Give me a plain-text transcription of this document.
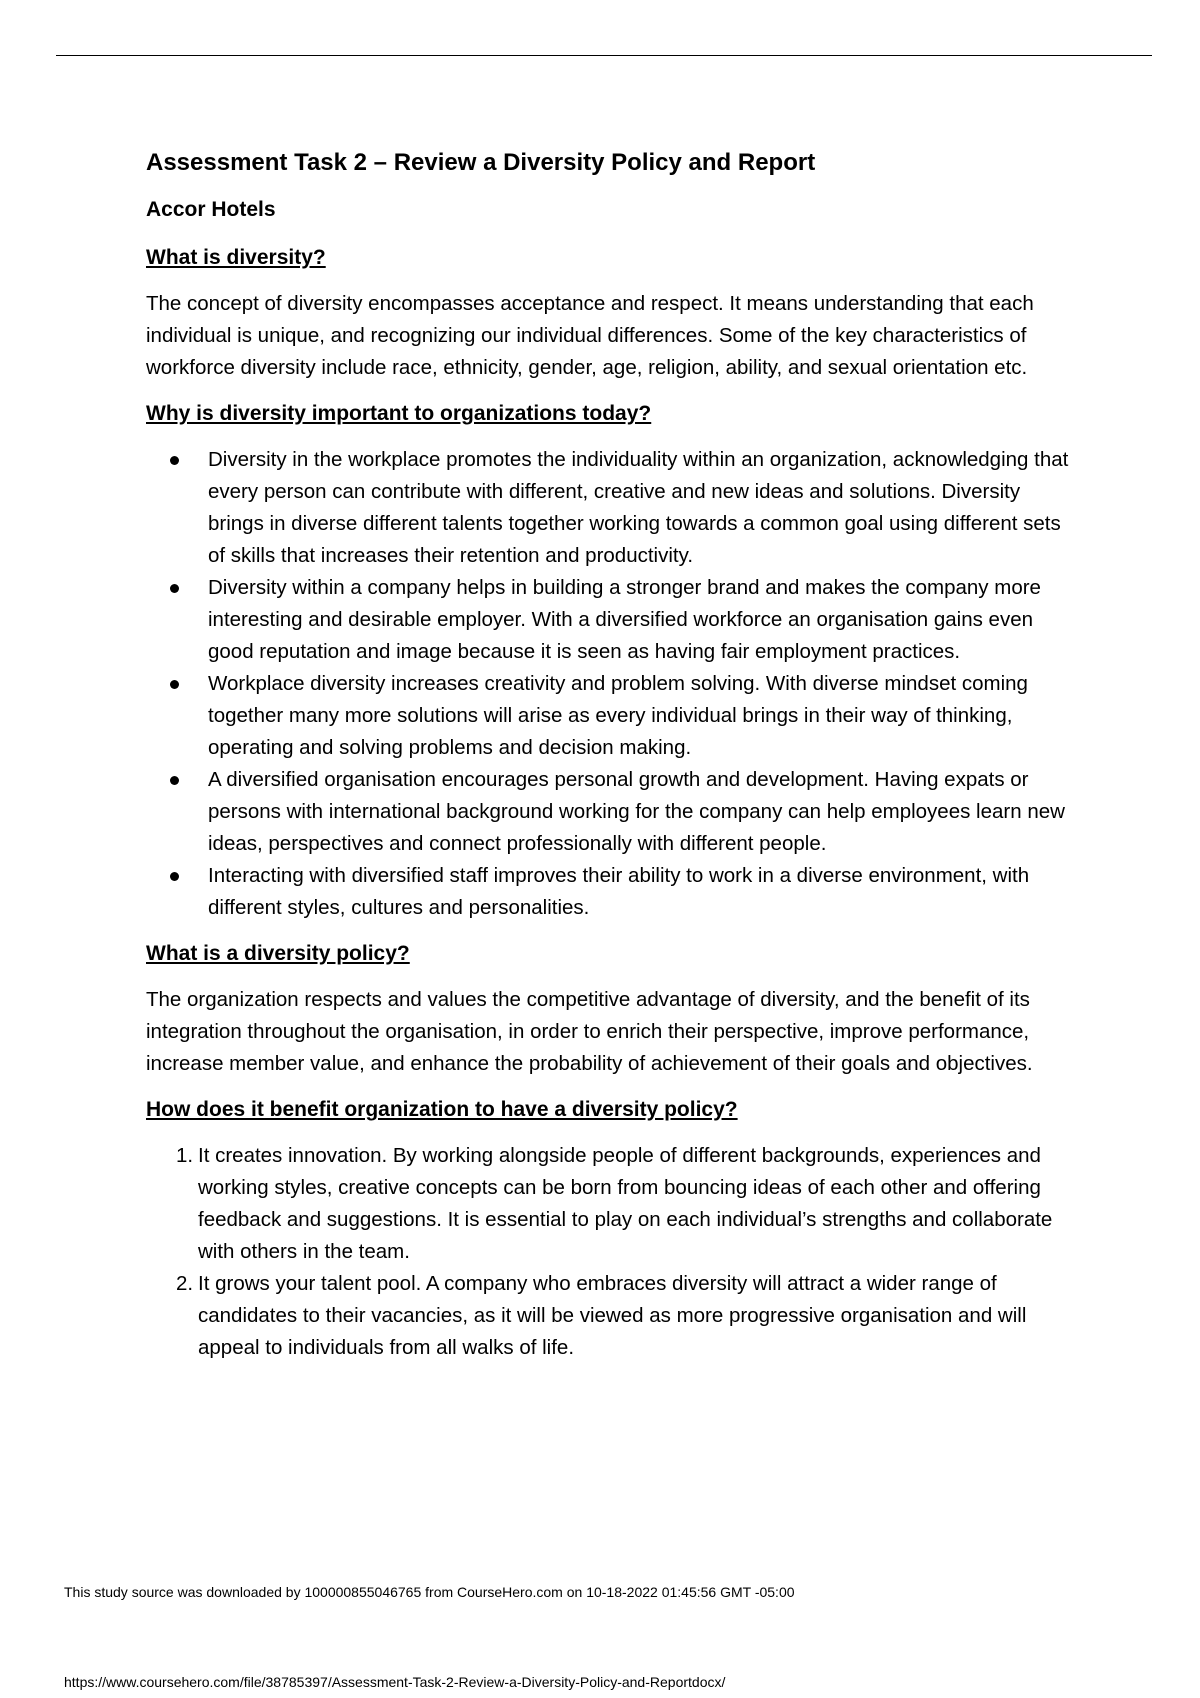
Assessment Task 2 – Review a Diversity Policy and Report
Accor Hotels
What is diversity?

The concept of diversity encompasses acceptance and respect. It means understanding that each individual is unique, and recognizing our individual differences. Some of the key characteristics of workforce diversity include race, ethnicity, gender, age, religion, ability, and sexual orientation etc.

Why is diversity important to organizations today?
Diversity in the workplace promotes the individuality within an organization, acknowledging that every person can contribute with different, creative and new ideas and solutions. Diversity brings in diverse different talents together working towards a common goal using different sets of skills that increases their retention and productivity.
Diversity within a company helps in building a stronger brand and makes the company more interesting and desirable employer. With a diversified workforce an organisation gains even good reputation and image because it is seen as having fair employment practices.
Workplace diversity increases creativity and problem solving. With diverse mindset coming together many more solutions will arise as every individual brings in their way of thinking, operating and solving problems and decision making.
A diversified organisation encourages personal growth and development. Having expats or persons with international background working for the company can help employees learn new ideas, perspectives and connect professionally with different people.
Interacting with diversified staff improves their ability to work in a diverse environment, with different styles, cultures and personalities.
What is a diversity policy?

The organization respects and values the competitive advantage of diversity, and the benefit of its integration throughout the organisation, in order to enrich their perspective, improve performance, increase member value, and enhance the probability of achievement of their goals and objectives.

How does it benefit organization to have a diversity policy?
1. It creates innovation. By working alongside people of different backgrounds, experiences and working styles, creative concepts can be born from bouncing ideas of each other and offering feedback and suggestions. It is essential to play on each individual’s strengths and collaborate with others in the team.
2. It grows your talent pool. A company who embraces diversity will attract a wider range of candidates to their vacancies, as it will be viewed as more progressive organisation and will appeal to individuals from all walks of life.
This study source was downloaded by 100000855046765 from CourseHero.com on 10-18-2022 01:45:56 GMT -05:00
https://www.coursehero.com/file/38785397/Assessment-Task-2-Review-a-Diversity-Policy-and-Reportdocx/
